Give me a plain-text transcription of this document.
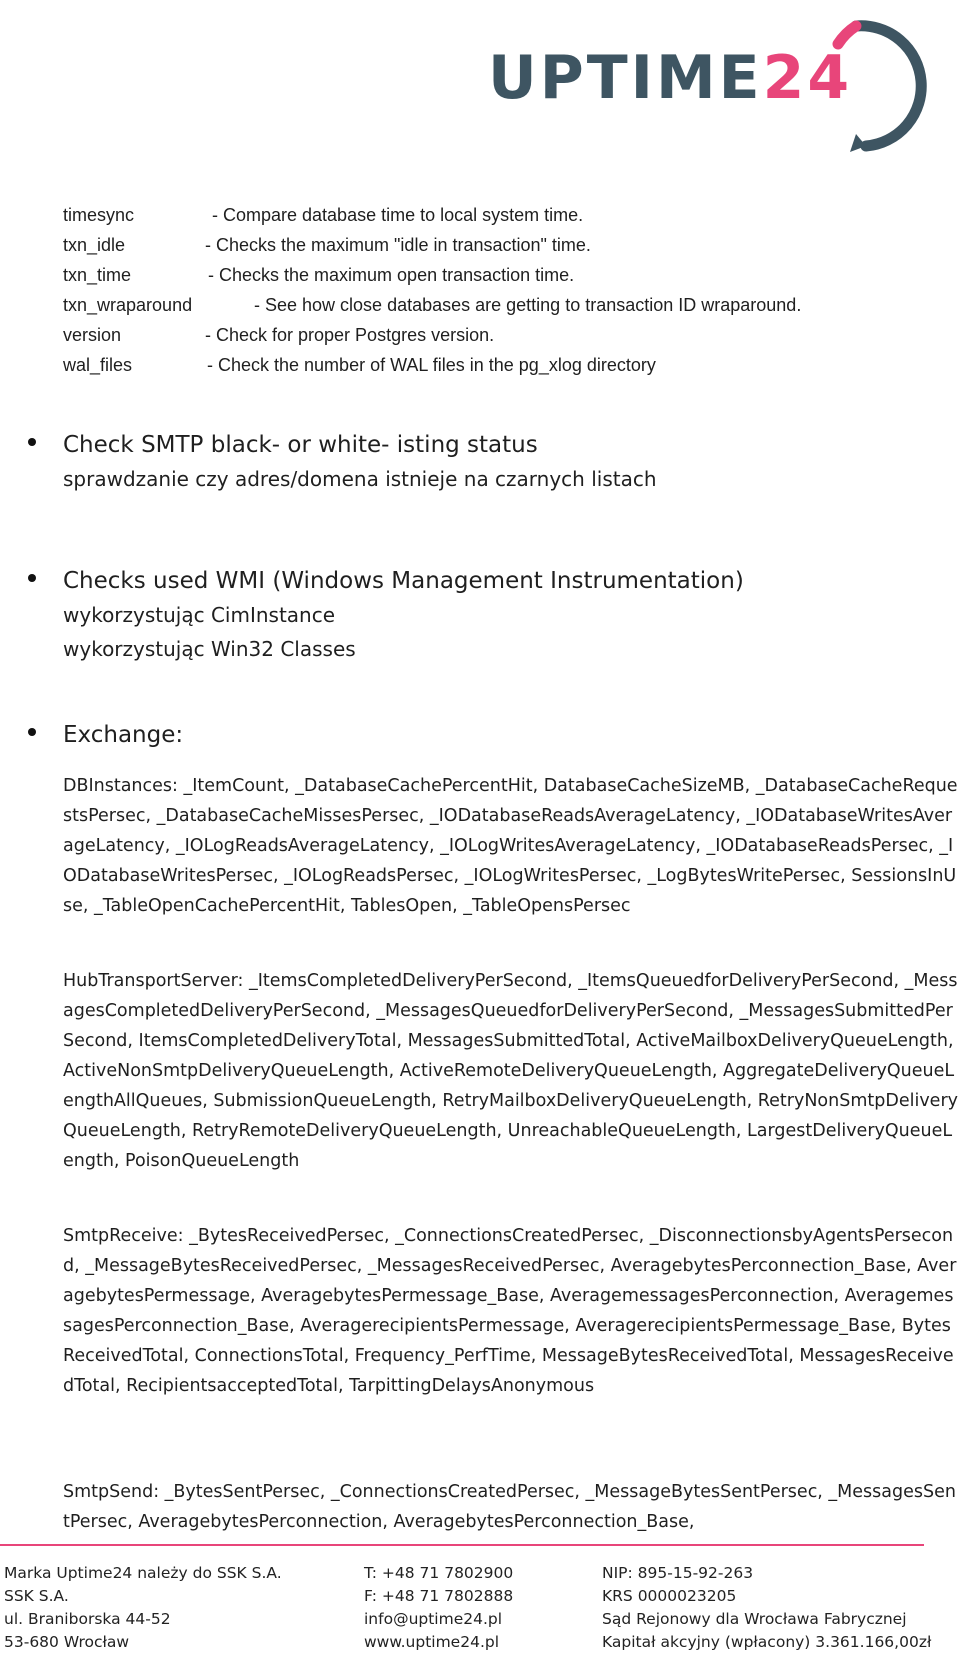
UPTIME24
timesync	- Compare database time to local system time.
txn_idle	- Checks the maximum "idle in transaction" time.
txn_time	- Checks the maximum open transaction time.
txn_wraparound	- See how close databases are getting to transaction ID wraparound.
version	- Check for proper Postgres version.
wal_files	- Check the number of WAL files in the pg_xlog directory
Check SMTP black- or white- isting status
sprawdzanie czy adres/domena istnieje na czarnych listach
Checks used WMI (Windows Management Instrumentation)
wykorzystując CimInstance
wykorzystując Win32 Classes
Exchange:
DBInstances: _ItemCount, _DatabaseCachePercentHit, DatabaseCacheSizeMB, _DatabaseCacheRequestsPersec, _DatabaseCacheMissesPersec, _IODatabaseReadsAverageLatency, _IODatabaseWritesAverageLatency, _IOLogReadsAverageLatency, _IOLogWritesAverageLatency, _IODatabaseReadsPersec, _IODatabaseWritesPersec, _IOLogReadsPersec, _IOLogWritesPersec, _LogBytesWritePersec, SessionsInUse, _TableOpenCachePercentHit, TablesOpen, _TableOpensPersec
HubTransportServer: _ItemsCompletedDeliveryPerSecond, _ItemsQueuedforDeliveryPerSecond, _MessagesCompletedDeliveryPerSecond, _MessagesQueuedforDeliveryPerSecond, _MessagesSubmittedPerSecond, ItemsCompletedDeliveryTotal, MessagesSubmittedTotal, ActiveMailboxDeliveryQueueLength, ActiveNonSmtpDeliveryQueueLength, ActiveRemoteDeliveryQueueLength, AggregateDeliveryQueueLengthAllQueues, SubmissionQueueLength, RetryMailboxDeliveryQueueLength, RetryNonSmtpDeliveryQueueLength, RetryRemoteDeliveryQueueLength, UnreachableQueueLength, LargestDeliveryQueueLength, PoisonQueueLength
SmtpReceive: _BytesReceivedPersec, _ConnectionsCreatedPersec, _DisconnectionsbyAgentsPersecond, _MessageBytesReceivedPersec, _MessagesReceivedPersec, AveragebytesPerconnection_Base, AveragebytesPermessage, AveragebytesPermessage_Base, AveragemessagesPerconnection, AveragemessagesPerconnection_Base, AveragerecipientsPermessage, AveragerecipientsPermessage_Base, BytesReceivedTotal, ConnectionsTotal, Frequency_PerfTime, MessageBytesReceivedTotal, MessagesReceivedTotal, RecipientsacceptedTotal, TarpittingDelaysAnonymous
SmtpSend: _BytesSentPersec, _ConnectionsCreatedPersec, _MessageBytesSentPersec, _MessagesSentPersec, AveragebytesPerconnection, AveragebytesPerconnection_Base,
Marka Uptime24 należy do SSK S.A.
SSK S.A.
ul. Braniborska 44-52
53-680 Wrocław
T: +48 71 7802900
F: +48 71 7802888
info@uptime24.pl
www.uptime24.pl
NIP: 895-15-92-263
KRS 0000023205
Sąd Rejonowy dla Wrocława Fabrycznej
Kapitał akcyjny (wpłacony) 3.361.166,00zł
